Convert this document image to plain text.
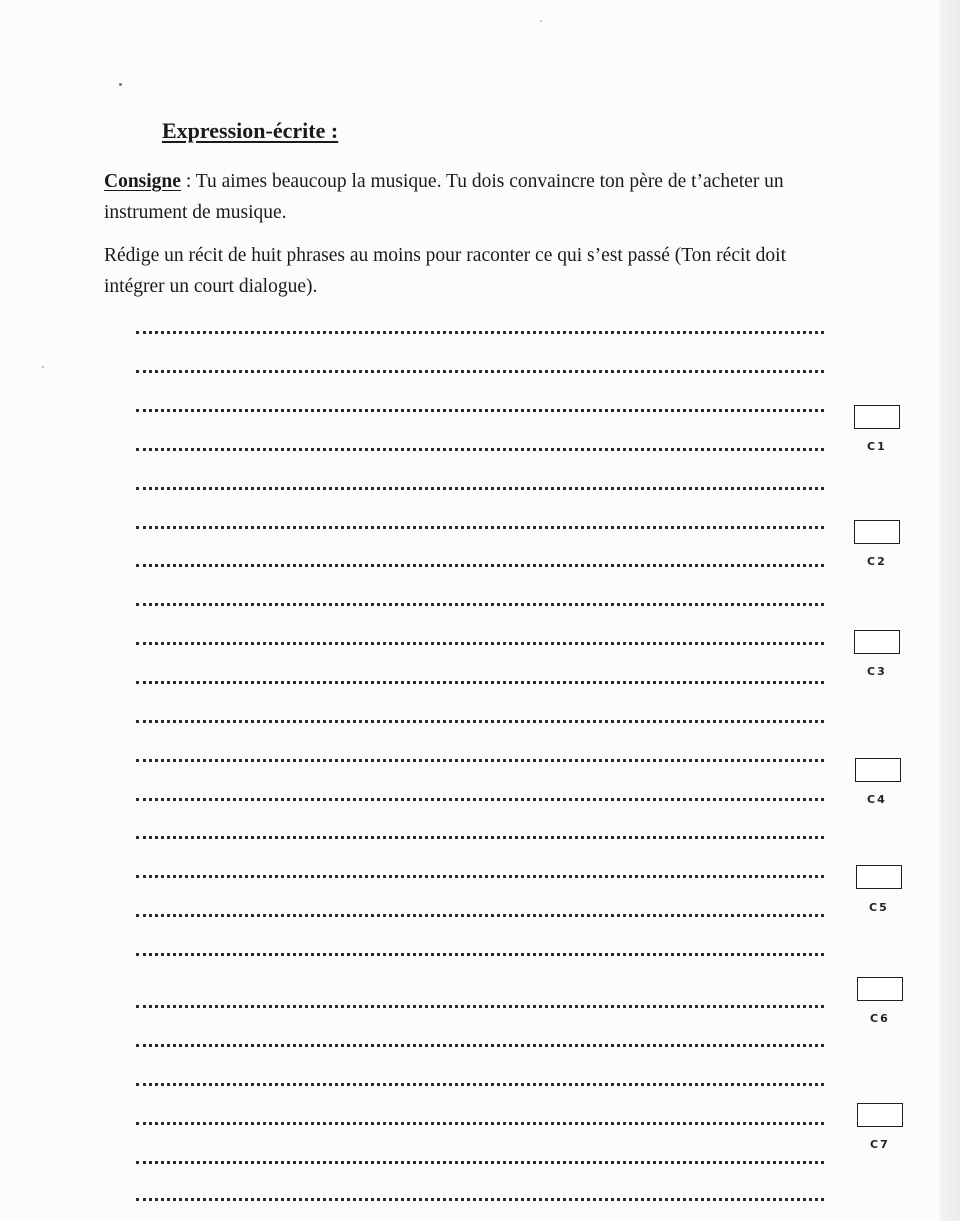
Expression-écrite :
Consigne : Tu aimes beaucoup la musique. Tu dois convaincre ton père de t’acheter un instrument de musique.
Rédige un récit de huit phrases au moins pour raconter ce qui s’est passé (Ton récit doit intégrer un court dialogue).
C1
C2
C3
C4
C5
C6
C7
